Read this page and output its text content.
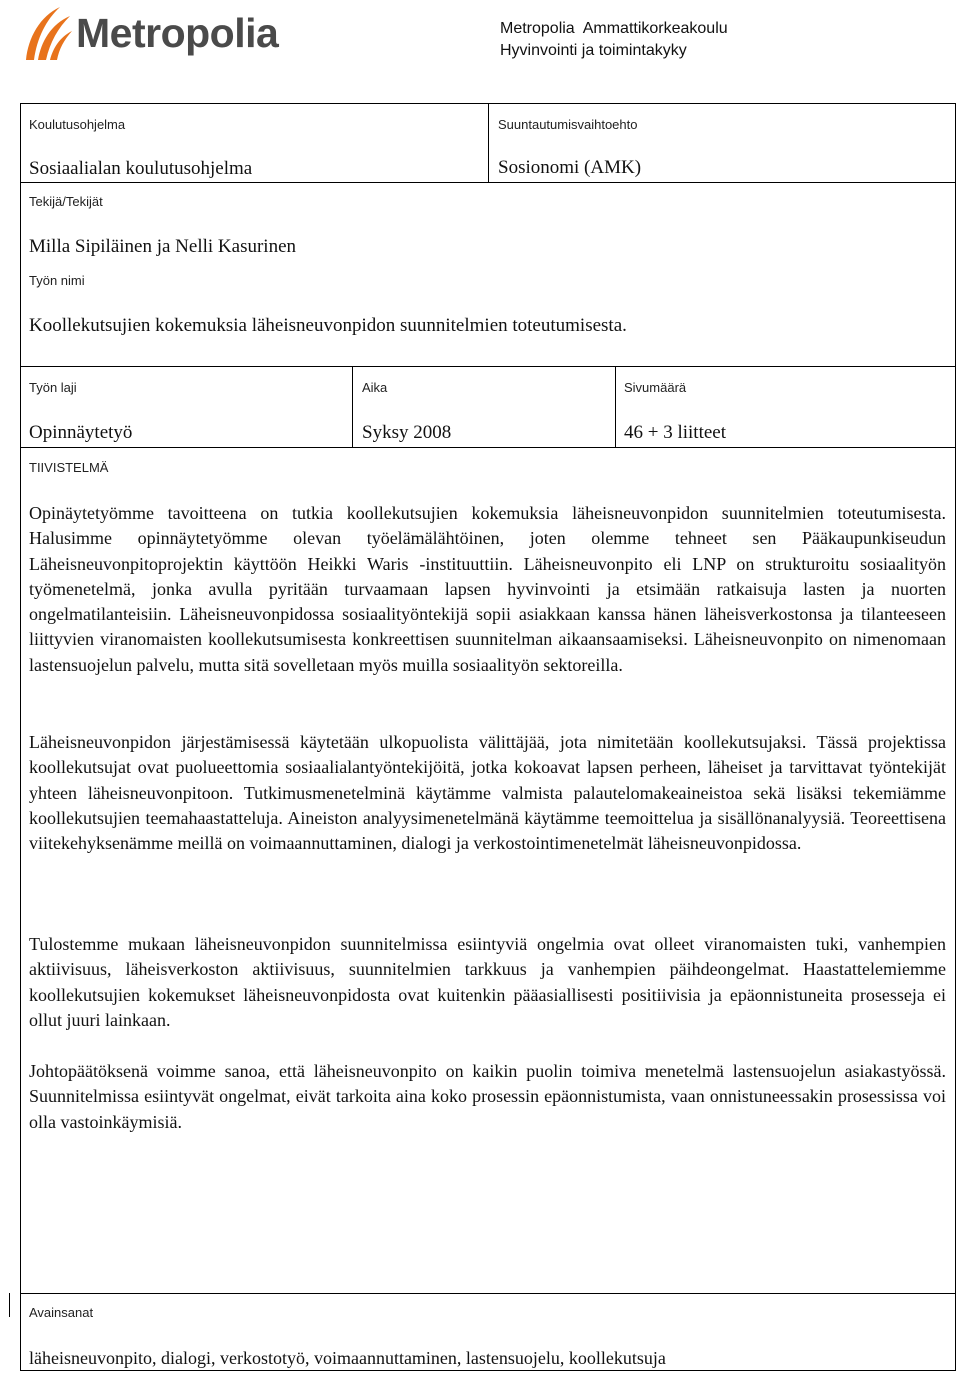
Metropolia	Metropolia  Ammattikorkeakoulu
Hyvinvointi ja toimintakyky
Koulutusohjelma
Sosiaalialan koulutusohjelma
Suuntautumisvaihtoehto
Sosionomi (AMK)
Tekijä/Tekijät
Milla Sipiläinen ja Nelli Kasurinen
Työn nimi
Koollekutsujien kokemuksia läheisneuvonpidon suunnitelmien toteutumisesta.
Työn laji
Opinnäytetyö
Aika
Syksy 2008
Sivumäärä
46 + 3 liitteet
TIIVISTELMÄ

Opinäytetyömme tavoitteena on tutkia koollekutsujien kokemuksia läheisneuvonpidon suunnitelmien toteutumisesta. Halusimme opinnäytetyömme olevan työelämälähtöinen, joten olemme tehneet sen Pääkaupunkiseudun Läheisneuvonpitoprojektin käyttöön Heikki Waris -instituuttiin. Läheisneuvonpito eli LNP on strukturoitu sosiaalityön työmenetelmä, jonka avulla pyritään turvaamaan lapsen hyvinvointi ja etsimään ratkaisuja lasten ja nuorten ongelmatilanteisiin. Läheisneuvonpidossa sosiaalityöntekijä sopii asiakkaan kanssa hänen läheisverkostonsa ja tilanteeseen liittyvien viranomaisten koollekutsumisesta konkreettisen suunnitelman aikaansaamiseksi. Läheisneuvonpito on nimenomaan lastensuojelun palvelu, mutta sitä sovelletaan myös muilla sosiaalityön sektoreilla.

Läheisneuvonpidon järjestämisessä käytetään ulkopuolista välittäjää, jota nimitetään koollekutsujaksi. Tässä projektissa koollekutsujat ovat puolueettomia sosiaalialantyöntekijöitä, jotka kokoavat lapsen perheen, läheiset ja tarvittavat työntekijät yhteen läheisneuvonpitoon. Tutkimusmenetelminä käytämme valmista palautelomakeaineistoa sekä lisäksi tekemiämme koollekutsujien teemahaastatteluja. Aineiston analyysimenetelmänä käytämme teemoittelua ja sisällönanalyysiä. Teoreettisena viitekehyksenämme meillä on voimaannuttaminen, dialogi ja verkostointimenetelmät läheisneuvonpidossa.

Tulostemme mukaan läheisneuvonpidon suunnitelmissa esiintyviä ongelmia ovat olleet viranomaisten tuki, vanhempien aktiivisuus, läheisverkoston aktiivisuus, suunnitelmien tarkkuus ja vanhempien päihdeongelmat. Haastattelemiemme koollekutsujien kokemukset läheisneuvonpidosta ovat kuitenkin pääasiallisesti positiivisia ja epäonnistuneita prosesseja ei ollut juuri lainkaan.

Johtopäätöksenä voimme sanoa, että läheisneuvonpito on kaikin puolin toimiva menetelmä lastensuojelun asiakastyössä. Suunnitelmissa esiintyvät ongelmat, eivät tarkoita aina koko prosessin epäonnistumista, vaan onnistuneessakin prosessissa voi olla vastoinkäymisiä.

Avainsanat
läheisneuvonpito, dialogi, verkostotyö, voimaannuttaminen, lastensuojelu, koollekutsuja
